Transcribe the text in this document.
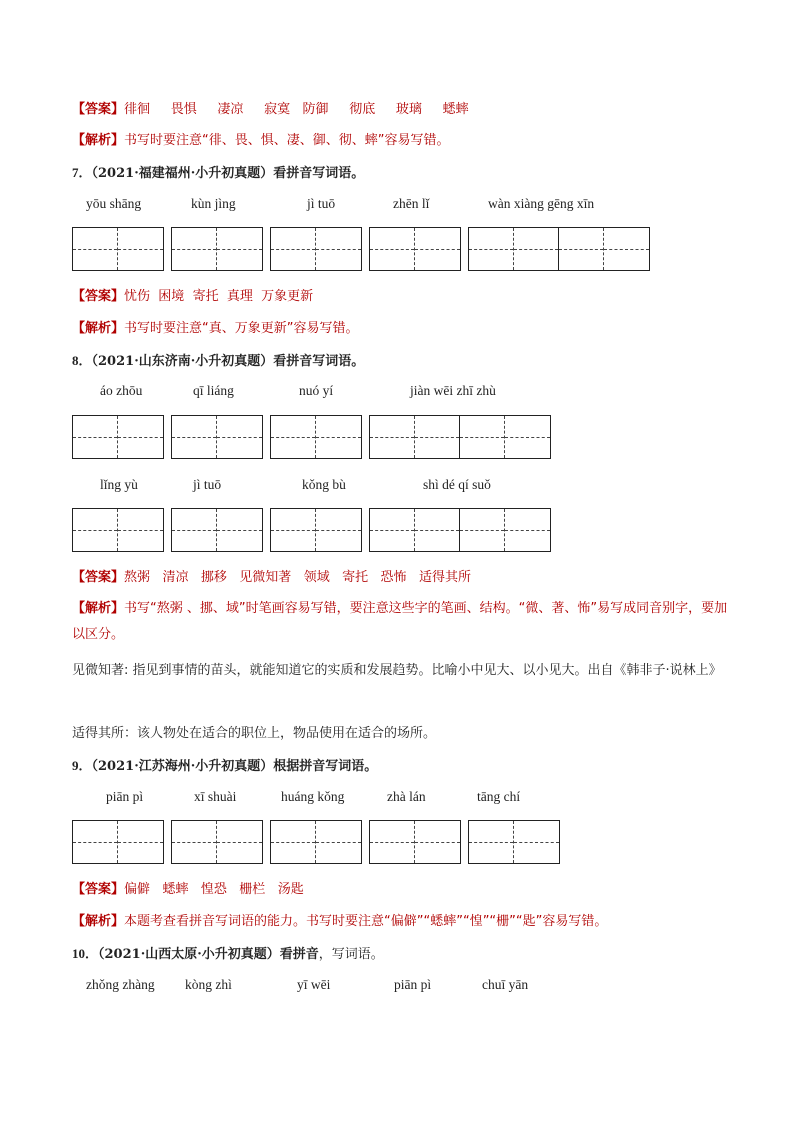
【答案】徘徊 畏惧 凄凉 寂寞 防御 彻底 玻璃 蟋蟀
【解析】书写时要注意“徘、畏、惧、凄、御、彻、蟀”容易写错。
7．（2021·福建福州·小升初真题）看拼音写词语。
yōu shāng	kùn jìng	jì tuō	zhēn lǐ	wàn xiàng gēng xīn
【答案】忧伤 困境 寄托 真理 万象更新
【解析】书写时要注意“真、万象更新”容易写错。
8．（2021·山东济南·小升初真题）看拼音写词语。
áo zhōu	qī liáng	nuó yí	jiàn wēi zhī zhù
lǐng yù	jì tuō	kǒng bù	shì dé qí suǒ
【答案】熬粥 清凉 挪移 见微知著 领域 寄托 恐怖 适得其所
【解析】书写“熬粥 、挪、域”时笔画容易写错，要注意这些字的笔画、结构。“微、著、怖”易写成同音别字，要加以区分。
见微知著: 指见到事情的苗头，就能知道它的实质和发展趋势。比喻小中见大、以小见大。出自《韩非子·说林上》
适得其所：该人物处在适合的职位上，物品使用在适合的场所。
9．（2021·江苏海州·小升初真题）根据拼音写词语。
piān pì	xī shuài	huáng kǒng	zhà lán	tāng chí
【答案】偏僻 蟋蟀 惶恐 栅栏 汤匙
【解析】本题考查看拼音写词语的能力。书写时要注意“偏僻”“蟋蟀”“惶”“栅”“匙”容易写错。
10．（2021·山西太原·小升初真题）看拼音，写词语。
zhǒng zhàng kòng zhì	yī wēi	piān pì	chuī yān
